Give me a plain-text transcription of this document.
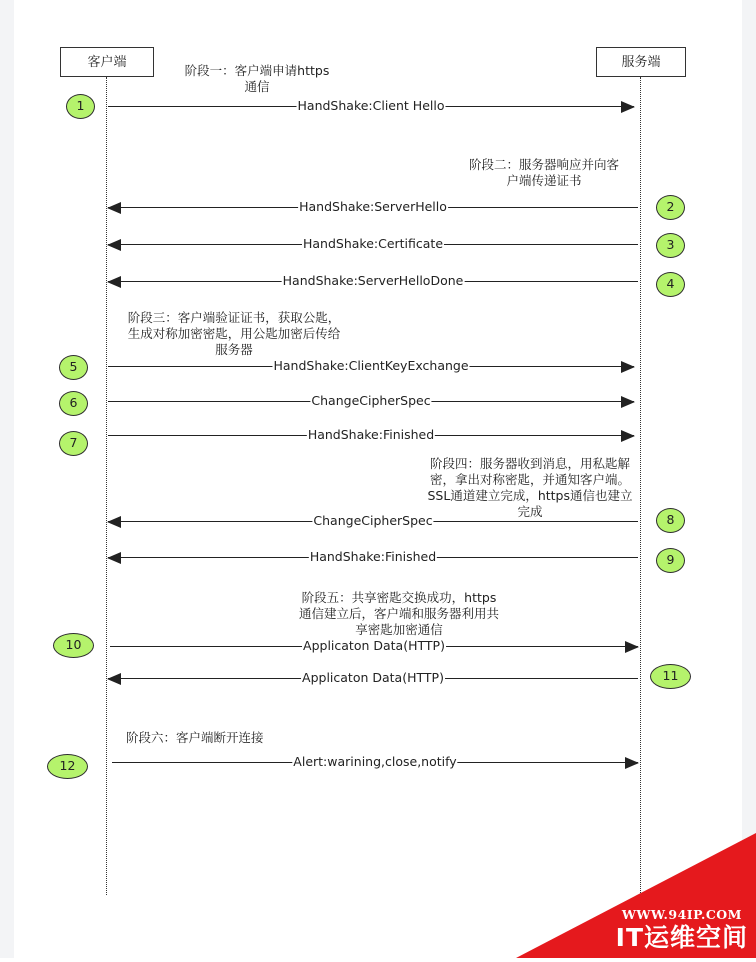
客户端	服务端
阶段一：客户端申请https
通信
阶段二：服务器响应并向客
户端传递证书
阶段三：客户端验证证书，获取公匙，
生成对称加密密匙，用公匙加密后传给
服务器
阶段四：服务器收到消息，用私匙解
密，拿出对称密匙，并通知客户端。
SSL通道建立完成，https通信也建立
完成
阶段五：共享密匙交换成功，https
通信建立后，客户端和服务器利用共
享密匙加密通信
阶段六：客户端断开连接
HandShake:Client Hello
HandShake:ServerHello
HandShake:Certificate
HandShake:ServerHelloDone
HandShake:ClientKeyExchange
ChangeCipherSpec
HandShake:Finished
ChangeCipherSpec
HandShake:Finished
Applicaton Data(HTTP)
Applicaton Data(HTTP)
Alert:warining,close,notify
1
2
3
4
5
6
7
8
9
10
11
12
WWW.94IP.COM
IT运维空间
